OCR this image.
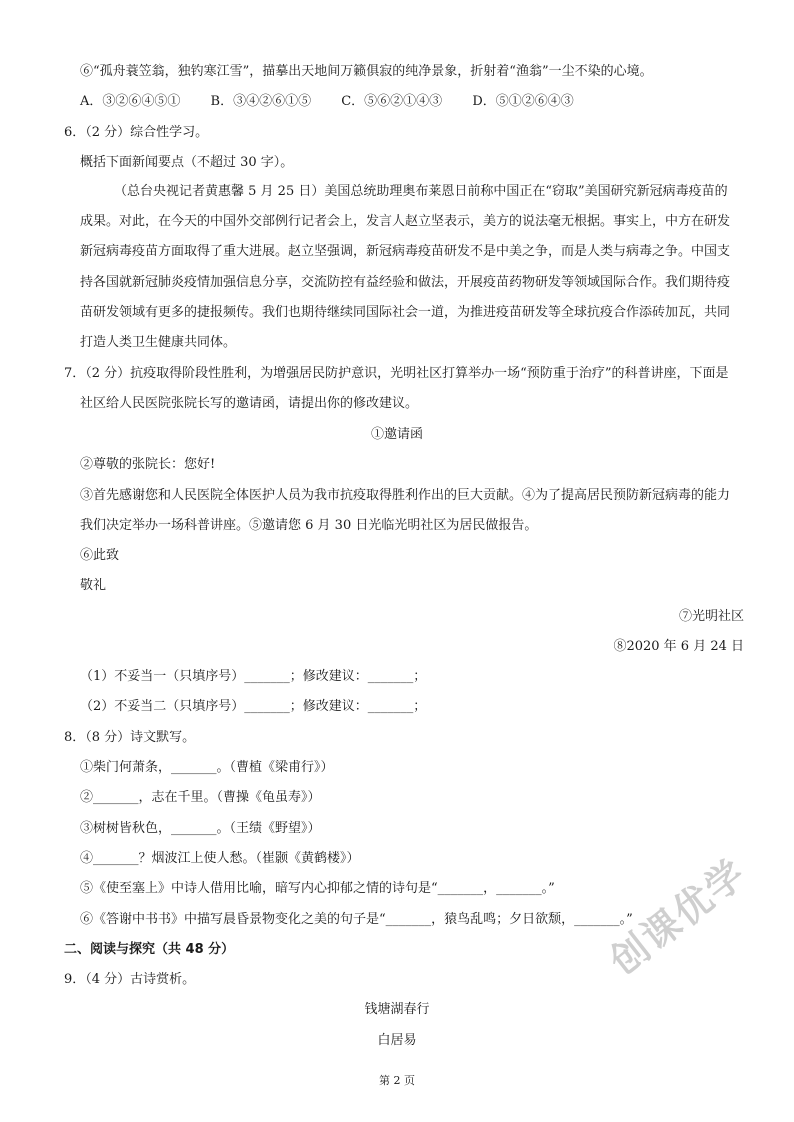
⑥“孤舟蓑笠翁，独钓寒江雪”，描摹出天地间万籁俱寂的纯净景象，折射着“渔翁”一尘不染的心境。
A．③②⑥④⑤① B．③④②⑥①⑤ C．⑤⑥②①④③ D．⑤①②⑥④③
6．（2 分）综合性学习。
概括下面新闻要点（不超过 30 字）。
（总台央视记者黄惠馨 5 月 25 日）美国总统助理奥布莱恩日前称中国正在“窃取”美国研究新冠病毒疫苗的
成果。对此，在今天的中国外交部例行记者会上，发言人赵立坚表示，美方的说法毫无根据。事实上，中方在研发
新冠病毒疫苗方面取得了重大进展。赵立坚强调，新冠病毒疫苗研发不是中美之争，而是人类与病毒之争。中国支
持各国就新冠肺炎疫情加强信息分享，交流防控有益经验和做法，开展疫苗药物研发等领域国际合作。我们期待疫
苗研发领域有更多的捷报频传。我们也期待继续同国际社会一道，为推进疫苗研发等全球抗疫合作添砖加瓦，共同
打造人类卫生健康共同体。
7．（2 分）抗疫取得阶段性胜利，为增强居民防护意识，光明社区打算举办一场“预防重于治疗”的科普讲座，下面是
社区给人民医院张院长写的邀请函，请提出你的修改建议。
①邀请函
②尊敬的张院长：您好!
③首先感谢您和人民医院全体医护人员为我市抗疫取得胜利作出的巨大贡献。④为了提高居民预防新冠病毒的能力
我们决定举办一场科普讲座。⑤邀请您 6 月 30 日光临光明社区为居民做报告。
⑥此致
敬礼
⑦光明社区
⑧2020 年 6 月 24 日
（1）不妥当一（只填序号）_______；修改建议：_______；
（2）不妥当二（只填序号）_______；修改建议：_______；
8．（8 分）诗文默写。
①柴门何萧条，_______。（曹植《梁甫行》）
②_______，志在千里。（曹操《龟虽寿》）
③树树皆秋色，_______。（王绩《野望》）
④_______？烟波江上使人愁。（崔颢《黄鹤楼》）
⑤《使至塞上》中诗人借用比喻，暗写内心抑郁之情的诗句是“_______，_______。”
⑥《答谢中书书》中描写晨昏景物变化之美的句子是“_______，猿鸟乱鸣；夕日欲颓，_______。”
二、阅读与探究（共 48 分）
9．（4 分）古诗赏析。
钱塘湖春行
白居易
第 2 页
创课优学
